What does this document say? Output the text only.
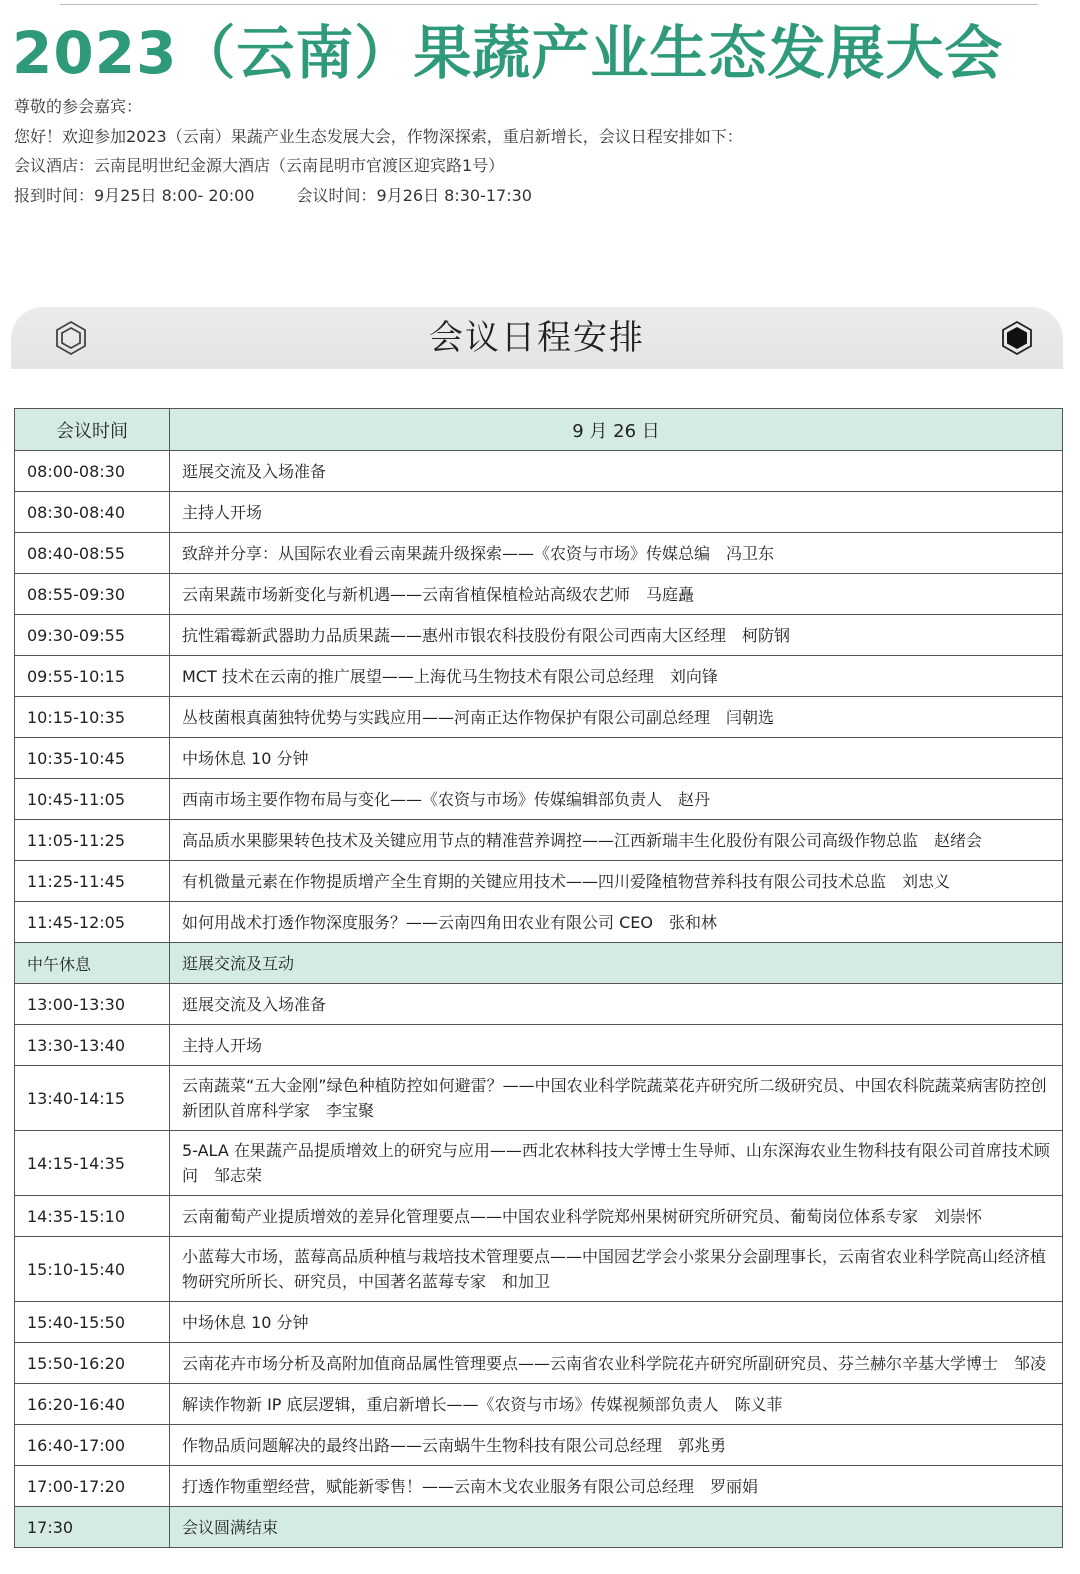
2023（云南）果蔬产业生态发展大会
尊敬的参会嘉宾：
您好！欢迎参加2023（云南）果蔬产业生态发展大会，作物深探索，重启新增长，会议日程安排如下：
会议酒店：云南昆明世纪金源大酒店（云南昆明市官渡区迎宾路1号）
报到时间：9月25日 8:00- 20:00	会议时间：9月26日 8:30-17:30
会议日程安排
会议时间	9 月 26 日
08:00-08:30	逛展交流及入场准备
08:30-08:40	主持人开场
08:40-08:55	致辞并分享：从国际农业看云南果蔬升级探索——《农资与市场》传媒总编　冯卫东
08:55-09:30	云南果蔬市场新变化与新机遇——云南省植保植检站高级农艺师　马庭矗
09:30-09:55	抗性霜霉新武器助力品质果蔬——惠州市银农科技股份有限公司西南大区经理　柯防钢
09:55-10:15	MCT 技术在云南的推广展望——上海优马生物技术有限公司总经理　刘向锋
10:15-10:35	丛枝菌根真菌独特优势与实践应用——河南正达作物保护有限公司副总经理　闫朝选
10:35-10:45	中场休息 10 分钟
10:45-11:05	西南市场主要作物布局与变化——《农资与市场》传媒编辑部负责人　赵丹
11:05-11:25	高品质水果膨果转色技术及关键应用节点的精准营养调控——江西新瑞丰生化股份有限公司高级作物总监　赵绪会
11:25-11:45	有机微量元素在作物提质增产全生育期的关键应用技术——四川爱隆植物营养科技有限公司技术总监　刘忠义
11:45-12:05	如何用战术打透作物深度服务？——云南四角田农业有限公司 CEO　张和林
中午休息	逛展交流及互动
13:00-13:30	逛展交流及入场准备
13:30-13:40	主持人开场
13:40-14:15	云南蔬菜“五大金刚”绿色种植防控如何避雷？——中国农业科学院蔬菜花卉研究所二级研究员、中国农科院蔬菜病害防控创新团队首席科学家　李宝聚
14:15-14:35	5-ALA 在果蔬产品提质增效上的研究与应用——西北农林科技大学博士生导师、山东深海农业生物科技有限公司首席技术顾问　邹志荣
14:35-15:10	云南葡萄产业提质增效的差异化管理要点——中国农业科学院郑州果树研究所研究员、葡萄岗位体系专家　刘崇怀
15:10-15:40	小蓝莓大市场，蓝莓高品质种植与栽培技术管理要点——中国园艺学会小浆果分会副理事长，云南省农业科学院高山经济植物研究所所长、研究员，中国著名蓝莓专家　和加卫
15:40-15:50	中场休息 10 分钟
15:50-16:20	云南花卉市场分析及高附加值商品属性管理要点——云南省农业科学院花卉研究所副研究员、芬兰赫尔辛基大学博士　邹凌
16:20-16:40	解读作物新 IP 底层逻辑，重启新增长——《农资与市场》传媒视频部负责人　陈义菲
16:40-17:00	作物品质问题解决的最终出路——云南蜗牛生物科技有限公司总经理　郭兆勇
17:00-17:20	打透作物重塑经营，赋能新零售！——云南木戈农业服务有限公司总经理　罗丽娟
17:30	会议圆满结束
